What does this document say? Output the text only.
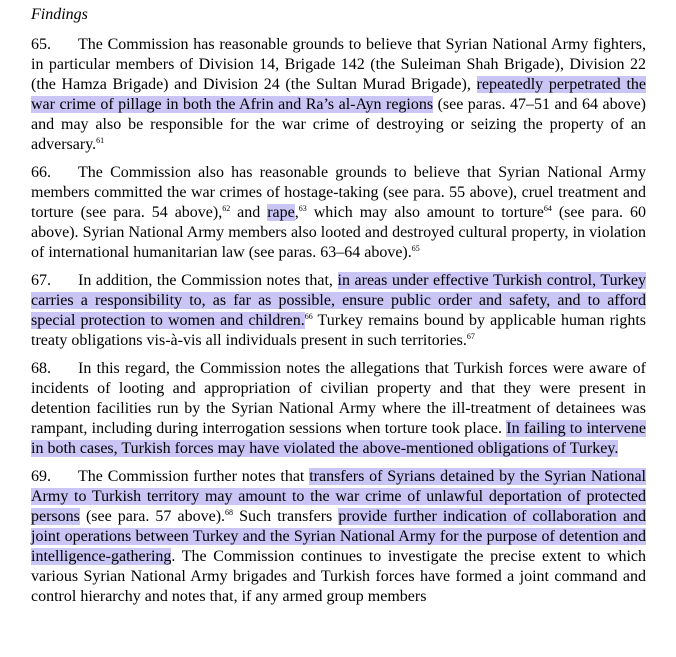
Findings

65. The Commission has reasonable grounds to believe that Syrian National Army fighters, in particular members of Division 14, Brigade 142 (the Suleiman Shah Brigade), Division 22 (the Hamza Brigade) and Division 24 (the Sultan Murad Brigade), repeatedly perpetrated the war crime of pillage in both the Afrin and Ra’s al-Ayn regions (see paras. 47–51 and 64 above) and may also be responsible for the war crime of destroying or seizing the property of an adversary.$^{61}$

66. The Commission also has reasonable grounds to believe that Syrian National Army members committed the war crimes of hostage-taking (see para. 55 above), cruel treatment and torture (see para. 54 above),$^{62}$ and rape,$^{63}$ which may also amount to torture$^{64}$ (see para. 60 above). Syrian National Army members also looted and destroyed cultural property, in violation of international humanitarian law (see paras. 63–64 above).$^{65}$

67. In addition, the Commission notes that, in areas under effective Turkish control, Turkey carries a responsibility to, as far as possible, ensure public order and safety, and to afford special protection to women and children.$^{66}$ Turkey remains bound by applicable human rights treaty obligations vis-à-vis all individuals present in such territories.$^{67}$

68. In this regard, the Commission notes the allegations that Turkish forces were aware of incidents of looting and appropriation of civilian property and that they were present in detention facilities run by the Syrian National Army where the ill-treatment of detainees was rampant, including during interrogation sessions when torture took place. In failing to intervene in both cases, Turkish forces may have violated the above-mentioned obligations of Turkey.

69. The Commission further notes that transfers of Syrians detained by the Syrian National Army to Turkish territory may amount to the war crime of unlawful deportation of protected persons (see para. 57 above).$^{68}$ Such transfers provide further indication of collaboration and joint operations between Turkey and the Syrian National Army for the purpose of detention and intelligence-gathering. The Commission continues to investigate the precise extent to which various Syrian National Army brigades and Turkish forces have formed a joint command and control hierarchy and notes that, if any armed group members
